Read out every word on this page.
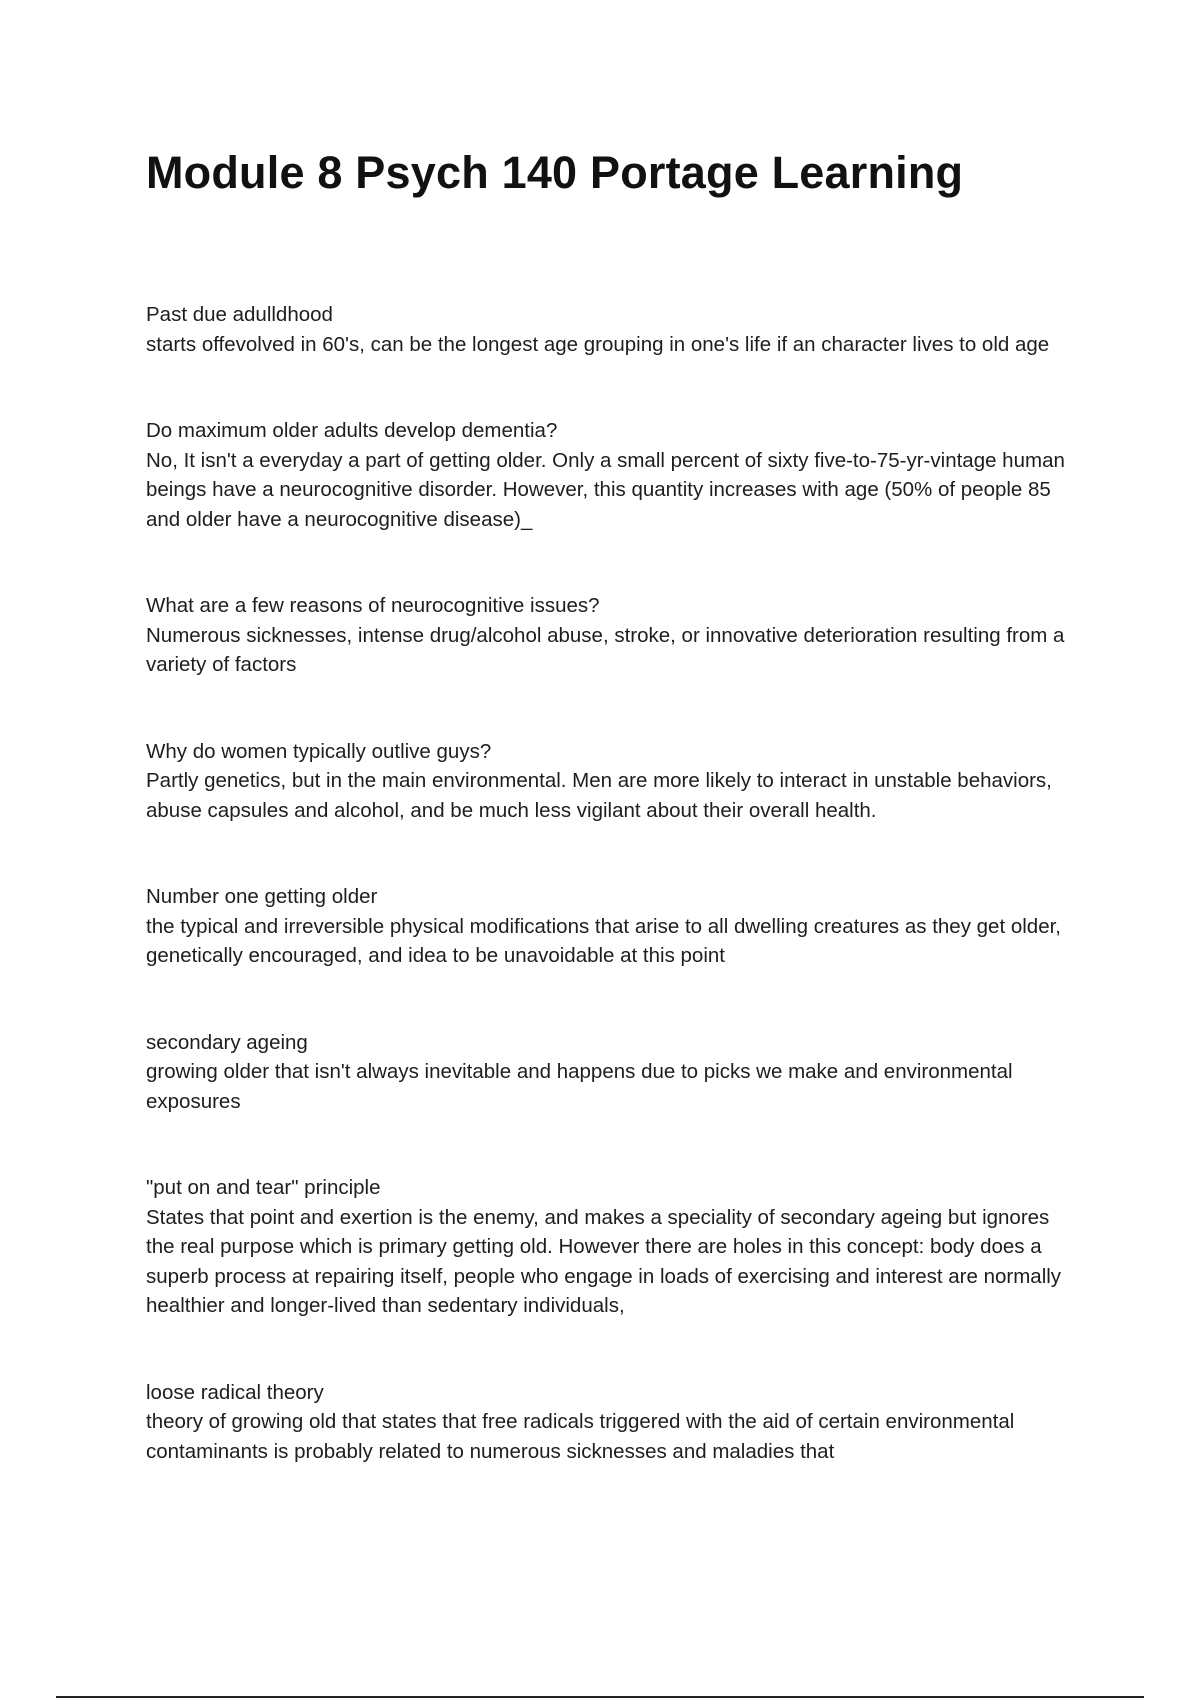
Module 8 Psych 140 Portage Learning
Past due adulldhood
starts offevolved in 60's, can be the longest age grouping in one's life if an character lives to old age
Do maximum older adults develop dementia?
No, It isn't a everyday a part of getting older. Only a small percent of sixty five-to-75-yr-vintage human beings have a neurocognitive disorder. However, this quantity increases with age (50% of people 85 and older have a neurocognitive disease)_
What are a few reasons of neurocognitive issues?
Numerous sicknesses, intense drug/alcohol abuse, stroke, or innovative deterioration resulting from a variety of factors
Why do women typically outlive guys?
Partly genetics, but in the main environmental. Men are more likely to interact in unstable behaviors, abuse capsules and alcohol, and be much less vigilant about their overall health.
Number one getting older
the typical and irreversible physical modifications that arise to all dwelling creatures as they get older, genetically encouraged, and idea to be unavoidable at this point
secondary ageing
growing older that isn't always inevitable and happens due to picks we make and environmental exposures
"put on and tear" principle
States that point and exertion is the enemy, and makes a speciality of secondary ageing but ignores the real purpose which is primary getting old. However there are holes in this concept: body does a superb process at repairing itself, people who engage in loads of exercising and interest are normally healthier and longer-lived than sedentary individuals,
loose radical theory
theory of growing old that states that free radicals triggered with the aid of certain environmental contaminants is probably related to numerous sicknesses and maladies that
